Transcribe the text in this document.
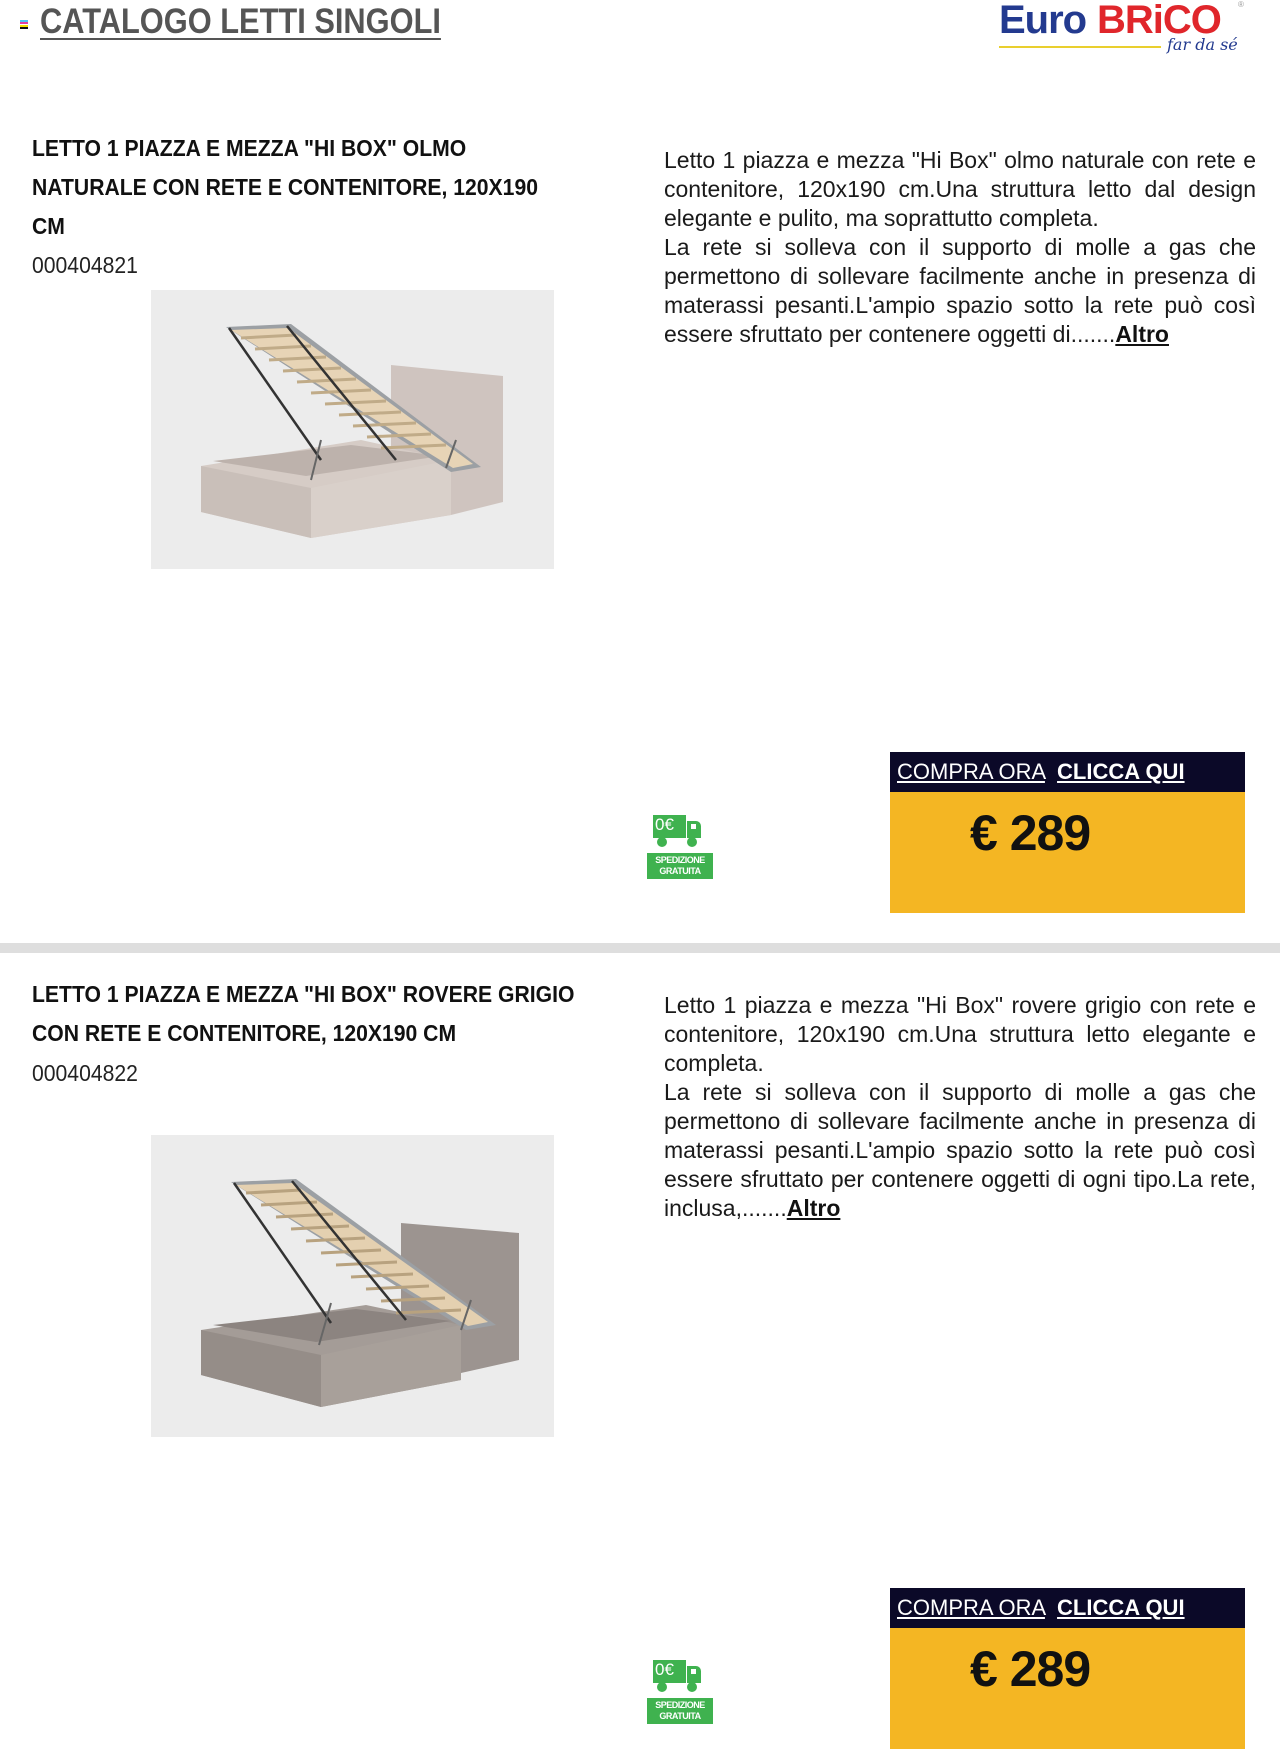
CATALOGO LETTI SINGOLI	Euro BRiCO ®
far da sé
LETTO 1 PIAZZA E MEZZA "HI BOX" OLMO NATURALE CON RETE E CONTENITORE, 120X190 CM
000404821
Letto 1 piazza e mezza "Hi Box" olmo naturale con rete e contenitore, 120x190 cm.Una struttura letto dal design elegante e pulito, ma soprattutto completa.
La rete si solleva con il supporto di molle a gas che permettono di sollevare facilmente anche in presenza di materassi pesanti.L'ampio spazio sotto la rete può così essere sfruttato per contenere oggetti di.......Altro
0€
SPEDIZIONE
GRATUITA
COMPRA ORA CLICCA QUI
€ 289
LETTO 1 PIAZZA E MEZZA "HI BOX" ROVERE GRIGIO CON RETE E CONTENITORE, 120X190 CM
000404822
Letto 1 piazza e mezza "Hi Box" rovere grigio con rete e contenitore, 120x190 cm.Una struttura letto elegante e completa.
La rete si solleva con il supporto di molle a gas che permettono di sollevare facilmente anche in presenza di materassi pesanti.L'ampio spazio sotto la rete può così essere sfruttato per contenere oggetti di ogni tipo.La rete, inclusa,.......Altro
0€
SPEDIZIONE
GRATUITA
COMPRA ORA CLICCA QUI
€ 289
